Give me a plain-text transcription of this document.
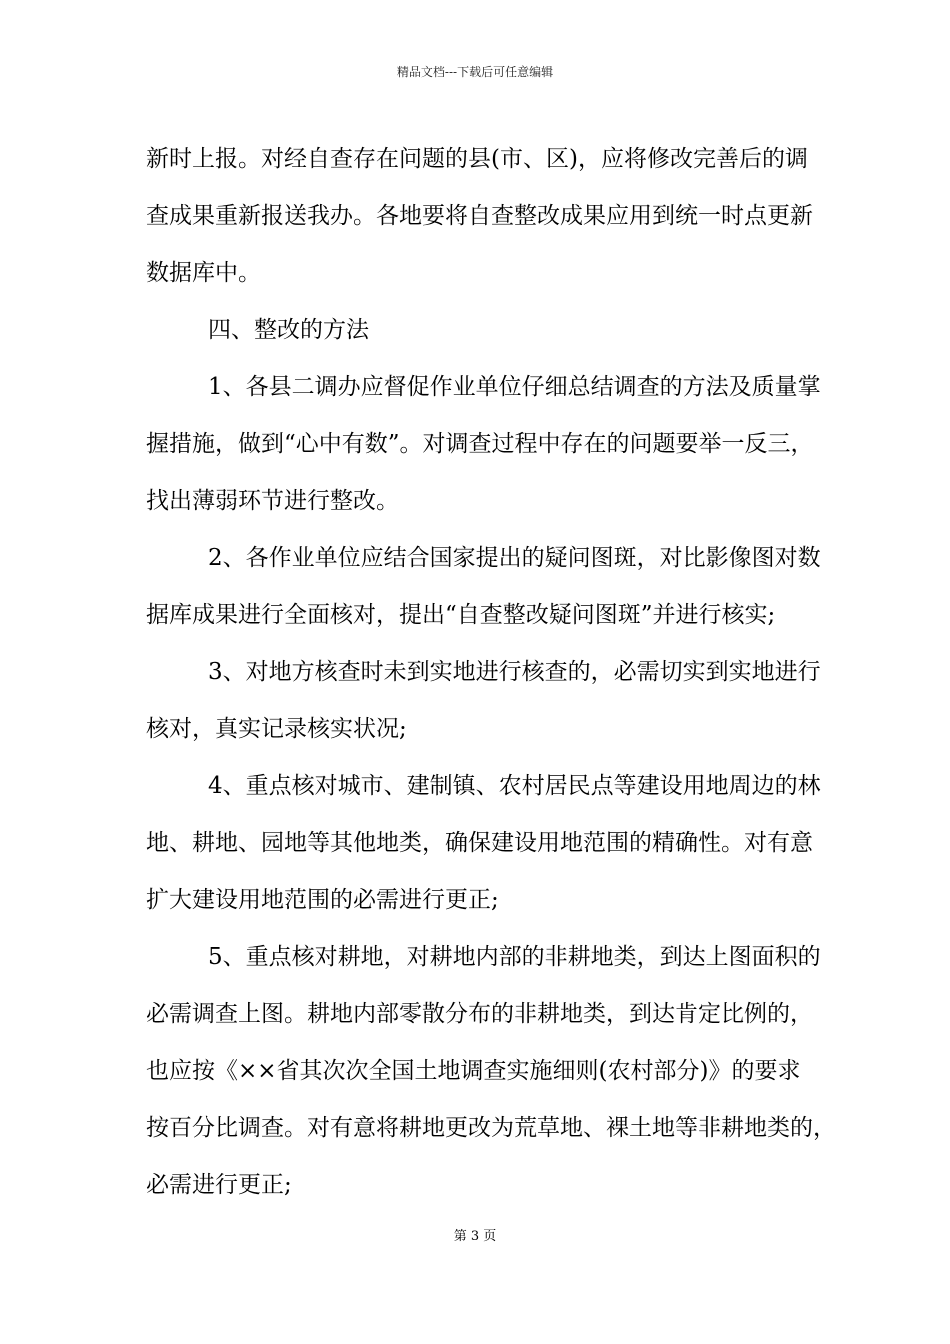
精品文档---下载后可任意编辑
新时上报。对经自查存在问题的县(市、区)，应将修改完善后的调
查成果重新报送我办。各地要将自查整改成果应用到统一时点更新
数据库中。
四、整改的方法
1、各县二调办应督促作业单位仔细总结调查的方法及质量掌
握措施，做到“心中有数”。对调查过程中存在的问题要举一反三，
找出薄弱环节进行整改。
2、各作业单位应结合国家提出的疑问图斑，对比影像图对数
据库成果进行全面核对，提出“自查整改疑问图斑”并进行核实;
3、对地方核查时未到实地进行核查的，必需切实到实地进行
核对，真实记录核实状况;
4、重点核对城市、建制镇、农村居民点等建设用地周边的林
地、耕地、园地等其他地类，确保建设用地范围的精确性。对有意
扩大建设用地范围的必需进行更正;
5、重点核对耕地，对耕地内部的非耕地类，到达上图面积的
必需调查上图。耕地内部零散分布的非耕地类，到达肯定比例的，
也应按《××省其次次全国土地调查实施细则(农村部分)》的要求
按百分比调查。对有意将耕地更改为荒草地、裸土地等非耕地类的，
必需进行更正;
第 3 页
